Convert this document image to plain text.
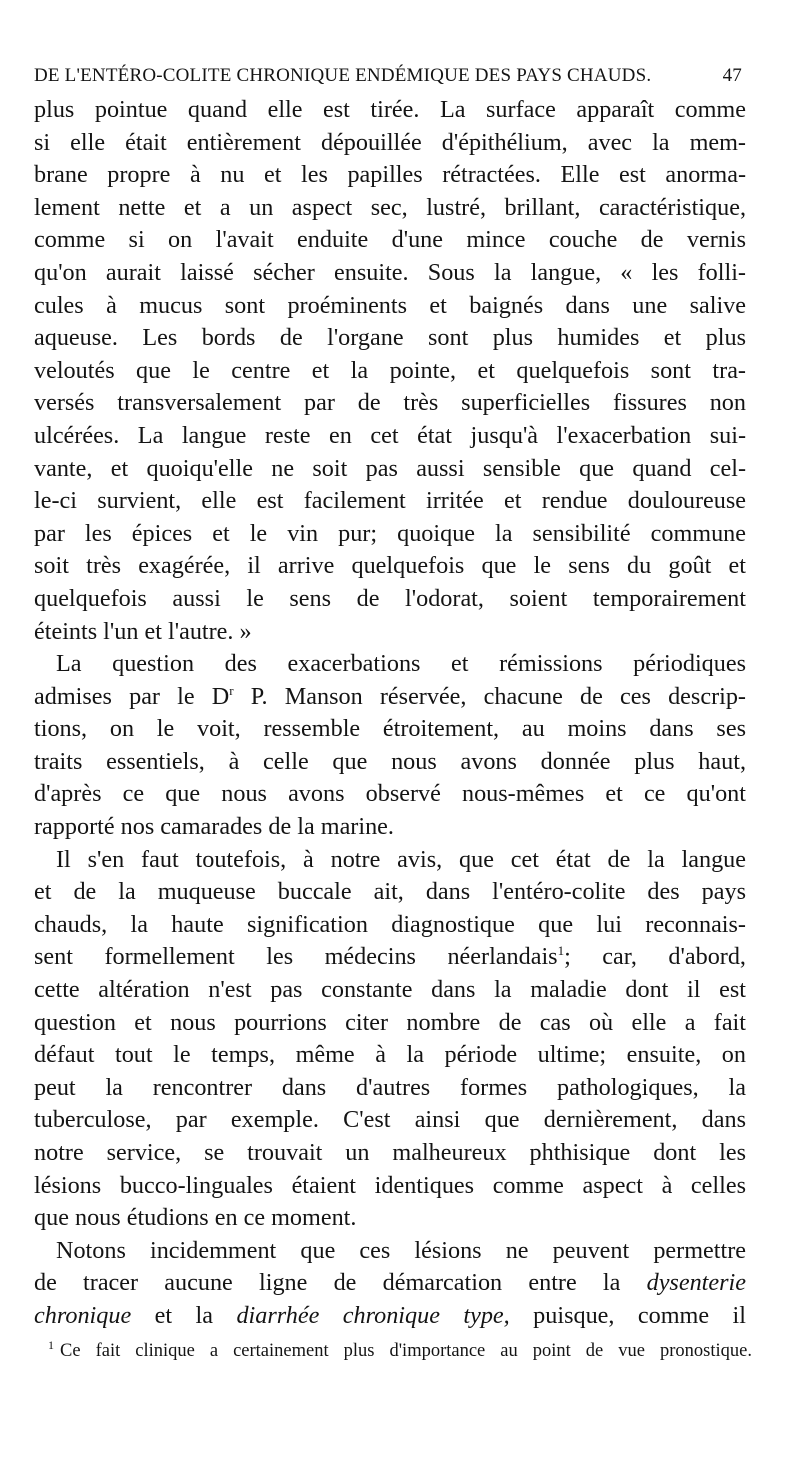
DE L'ENTÉRO-COLITE CHRONIQUE ENDÉMIQUE DES PAYS CHAUDS.	47
plus pointue quand elle est tirée. La surface apparaît comme
si elle était entièrement dépouillée d'épithélium, avec la mem-
brane propre à nu et les papilles rétractées. Elle est anorma-
lement nette et a un aspect sec, lustré, brillant, caractéristique,
comme si on l'avait enduite d'une mince couche de vernis
qu'on aurait laissé sécher ensuite. Sous la langue, « les folli-
cules à mucus sont proéminents et baignés dans une salive
aqueuse. Les bords de l'organe sont plus humides et plus
veloutés que le centre et la pointe, et quelquefois sont tra-
versés transversalement par de très superficielles fissures non
ulcérées. La langue reste en cet état jusqu'à l'exacerbation sui-
vante, et quoiqu'elle ne soit pas aussi sensible que quand cel-
le-ci survient, elle est facilement irritée et rendue douloureuse
par les épices et le vin pur; quoique la sensibilité commune
soit très exagérée, il arrive quelquefois que le sens du goût et
quelquefois aussi le sens de l'odorat, soient temporairement
éteints l'un et l'autre. »
La question des exacerbations et rémissions périodiques
admises par le $D^r$ P. Manson réservée, chacune de ces descrip-
tions, on le voit, ressemble étroitement, au moins dans ses
traits essentiels, à celle que nous avons donnée plus haut,
d'après ce que nous avons observé nous-mêmes et ce qu'ont
rapporté nos camarades de la marine.
Il s'en faut toutefois, à notre avis, que cet état de la langue
et de la muqueuse buccale ait, dans l'entéro-colite des pays
chauds, la haute signification diagnostique que lui reconnais-
sent formellement les médecins néerlandais$^1$; car, d'abord,
cette altération n'est pas constante dans la maladie dont il est
question et nous pourrions citer nombre de cas où elle a fait
défaut tout le temps, même à la période ultime; ensuite, on
peut la rencontrer dans d'autres formes pathologiques, la
tuberculose, par exemple. C'est ainsi que dernièrement, dans
notre service, se trouvait un malheureux phthisique dont les
lésions bucco-linguales étaient identiques comme aspect à celles
que nous étudions en ce moment.
Notons incidemment que ces lésions ne peuvent permettre
de tracer aucune ligne de démarcation entre la dysenterie
chronique et la diarrhée chronique type, puisque, comme il
$^1$ Ce fait clinique a certainement plus d'importance au point de vue pronostique.
